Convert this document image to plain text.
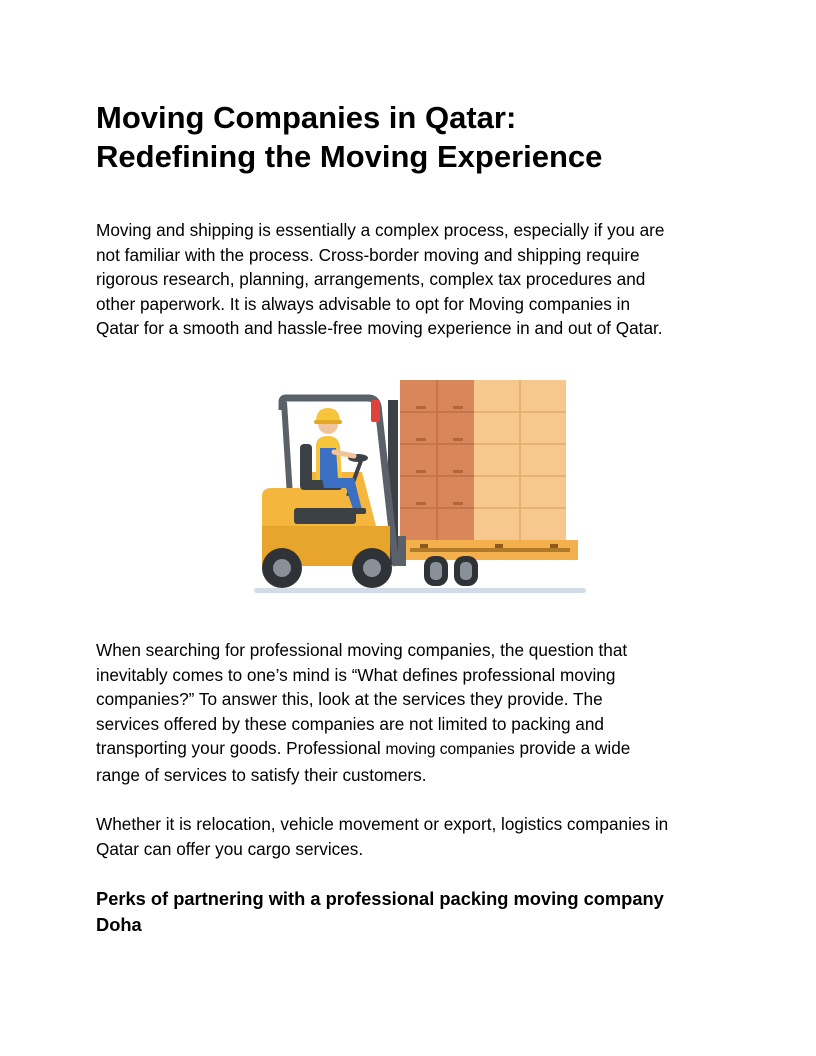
Moving Companies in Qatar:
Redefining the Moving Experience

Moving and shipping is essentially a complex process, especially if you are
not familiar with the process. Cross-border moving and shipping require
rigorous research, planning, arrangements, complex tax procedures and
other paperwork. It is always advisable to opt for Moving companies in
Qatar for a smooth and hassle-free moving experience in and out of Qatar.

When searching for professional moving companies, the question that
inevitably comes to one’s mind is “What defines professional moving
companies?” To answer this, look at the services they provide. The
services offered by these companies are not limited to packing and
transporting your goods. Professional moving companies provide a wide
range of services to satisfy their customers.

Whether it is relocation, vehicle movement or export, logistics companies in
Qatar can offer you cargo services.

Perks of partnering with a professional packing moving company
Doha
